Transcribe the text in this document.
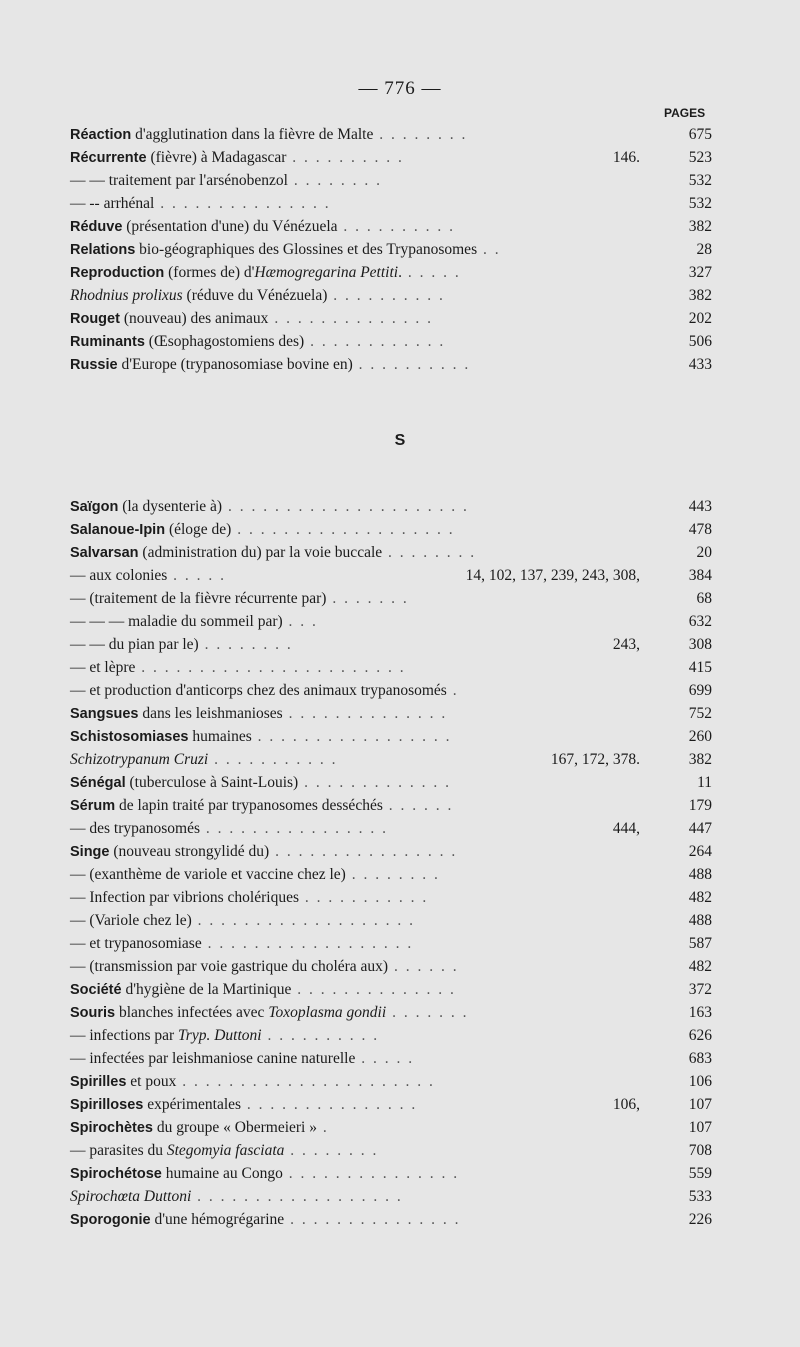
— 776 —
PAGES
Réaction d'agglutination dans la fièvre de Malte . . . . . . . .	675
Récurrente (fièvre) à Madagascar . . . . . . . . . .	146.	523
— — traitement par l'arsénobenzol . . . . . . . .	532
— -- arrhénal . . . . . . . . . . . . . . .	532
Réduve (présentation d'une) du Vénézuela . . . . . . . . . .	382
Relations bio-géographiques des Glossines et des Trypanosomes . .	28
Reproduction (formes de) d'Hæmogregarina Pettiti. . . . . .	327
Rhodnius prolixus (réduve du Vénézuela) . . . . . . . . . .	382
Rouget (nouveau) des animaux . . . . . . . . . . . . . .	202
Ruminants (Œsophagostomiens des) . . . . . . . . . . . .	506
Russie d'Europe (trypanosomiase bovine en) . . . . . . . . . .	433
S
Saïgon (la dysenterie à) . . . . . . . . . . . . . . . . . . . . .	443
Salanoue-Ipin (éloge de) . . . . . . . . . . . . . . . . . . .	478
Salvarsan (administration du) par la voie buccale . . . . . . . .	20
— aux colonies . . . . .	14, 102, 137, 239, 243, 308,	384
— (traitement de la fièvre récurrente par) . . . . . . .	68
— — — maladie du sommeil par) . . .	632
— — du pian par le) . . . . . . . .	243,	308
— et lèpre . . . . . . . . . . . . . . . . . . . . . . .	415
— et production d'anticorps chez des animaux trypanosomés .	699
Sangsues dans les leishmanioses . . . . . . . . . . . . . .	752
Schistosomiases humaines . . . . . . . . . . . . . . . . .	260
Schizotrypanum Cruzi . . . . . . . . . . .	167, 172, 378.	382
Sénégal (tuberculose à Saint-Louis) . . . . . . . . . . . . .	11
Sérum de lapin traité par trypanosomes desséchés . . . . . .	179
— des trypanosomés . . . . . . . . . . . . . . . .	444,	447
Singe (nouveau strongylidé du) . . . . . . . . . . . . . . . .	264
— (exanthème de variole et vaccine chez le) . . . . . . . .	488
— Infection par vibrions cholériques . . . . . . . . . . .	482
— (Variole chez le) . . . . . . . . . . . . . . . . . . .	488
— et trypanosomiase . . . . . . . . . . . . . . . . . .	587
— (transmission par voie gastrique du choléra aux) . . . . . .	482
Société d'hygiène de la Martinique . . . . . . . . . . . . . .	372
Souris blanches infectées avec Toxoplasma gondii . . . . . . .	163
— infections par Tryp. Duttoni . . . . . . . . . .	626
— infectées par leishmaniose canine naturelle . . . . .	683
Spirilles et poux . . . . . . . . . . . . . . . . . . . . . .	106
Spirilloses expérimentales . . . . . . . . . . . . . . .	106,	107
Spirochètes du groupe « Obermeieri » .	107
— parasites du Stegomyia fasciata . . . . . . . .	708
Spirochétose humaine au Congo . . . . . . . . . . . . . . .	559
Spirochœta Duttoni . . . . . . . . . . . . . . . . . .	533
Sporogonie d'une hémogrégarine . . . . . . . . . . . . . . .	226
